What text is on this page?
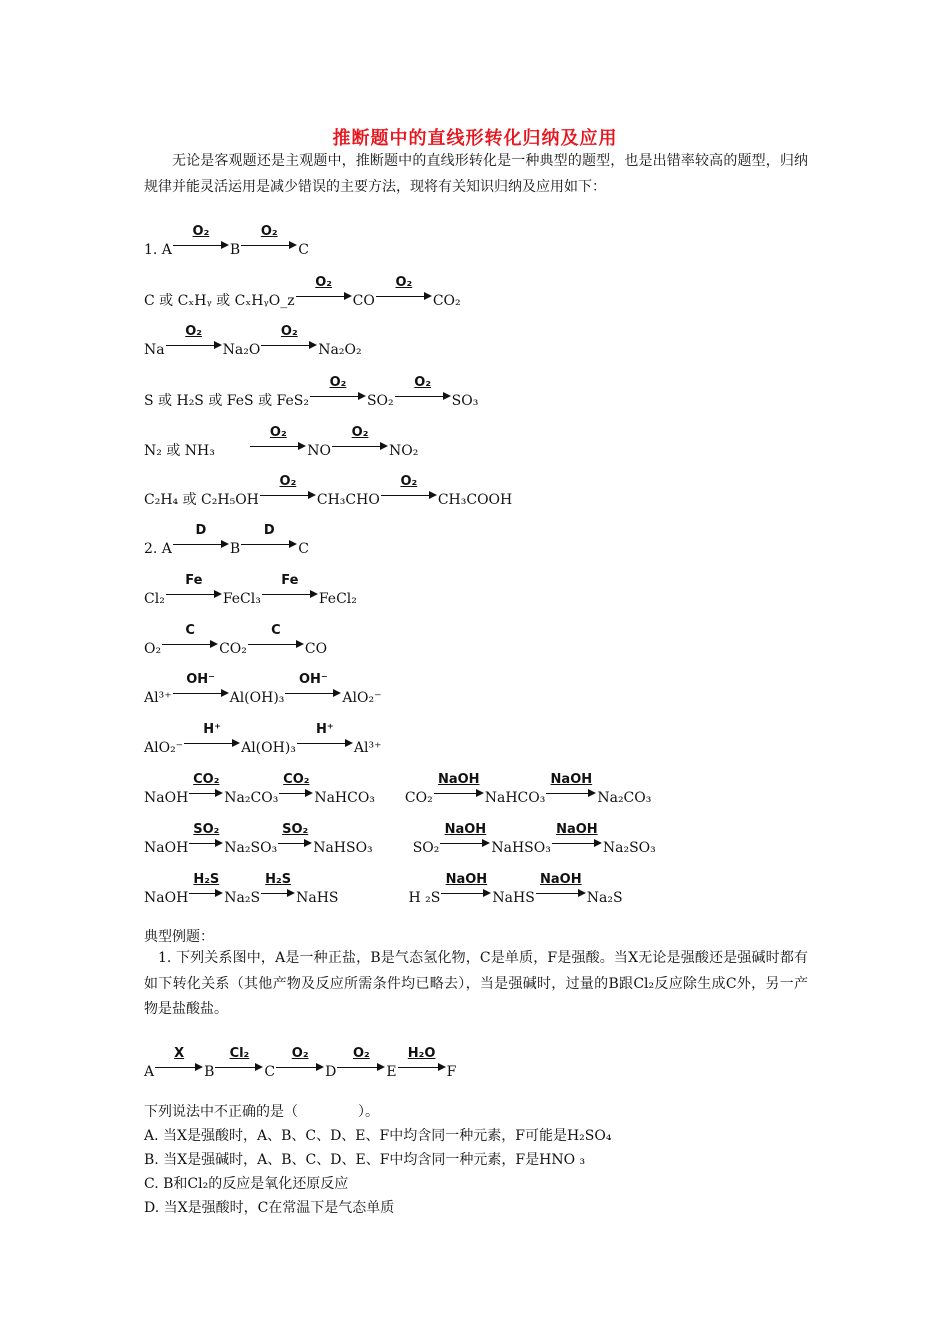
推断题中的直线形转化归纳及应用
无论是客观题还是主观题中，推断题中的直线形转化是一种典型的题型，也是出错率较高的题型，归纳规律并能灵活运用是减少错误的主要方法，现将有关知识归纳及应用如下：
1. A
O₂
B
O₂
C
C 或 CₓHᵧ 或 CₓHᵧO_z
O₂
CO
O₂
CO₂
Na
O₂
Na₂O
O₂
Na₂O₂
S 或 H₂S 或 FeS 或 FeS₂
O₂
SO₂
O₂
SO₃
N₂ 或 NH₃
O₂
NO
O₂
NO₂
C₂H₄ 或 C₂H₅OH
O₂
CH₃CHO
O₂
CH₃COOH
2. A
D
B
D
C
Cl₂
Fe
FeCl₃
Fe
FeCl₂
O₂
C
CO₂
C
CO
Al³⁺
OH⁻
Al(OH)₃
OH⁻
AlO₂⁻
AlO₂⁻
H⁺
Al(OH)₃
H⁺
Al³⁺
NaOH
CO₂
Na₂CO₃
CO₂
NaHCO₃ CO₂
NaOH
NaHCO₃
NaOH
Na₂CO₃
NaOH
SO₂
Na₂SO₃
SO₂
NaHSO₃	SO₂
NaOH
NaHSO₃
NaOH
Na₂SO₃
NaOH
H₂S
Na₂S
H₂S
NaHS	H ₂S
NaOH
NaHS
NaOH
Na₂S
典型例题：
1. 下列关系图中，A是一种正盐，B是气态氢化物，C是单质，F是强酸。当X无论是强酸还是强碱时都有如下转化关系（其他产物及反应所需条件均已略去），当是强碱时，过量的B跟Cl₂反应除生成C外，另一产物是盐酸盐。
A
X
B
Cl₂
C
O₂
D
O₂
E
H₂O
F
下列说法中不正确的是（	）。
A. 当X是强酸时，A、B、C、D、E、F中均含同一种元素，F可能是H₂SO₄
B. 当X是强碱时，A、B、C、D、E、F中均含同一种元素，F是HNO ₃
C. B和Cl₂的反应是氧化还原反应
D. 当X是强酸时，C在常温下是气态单质
